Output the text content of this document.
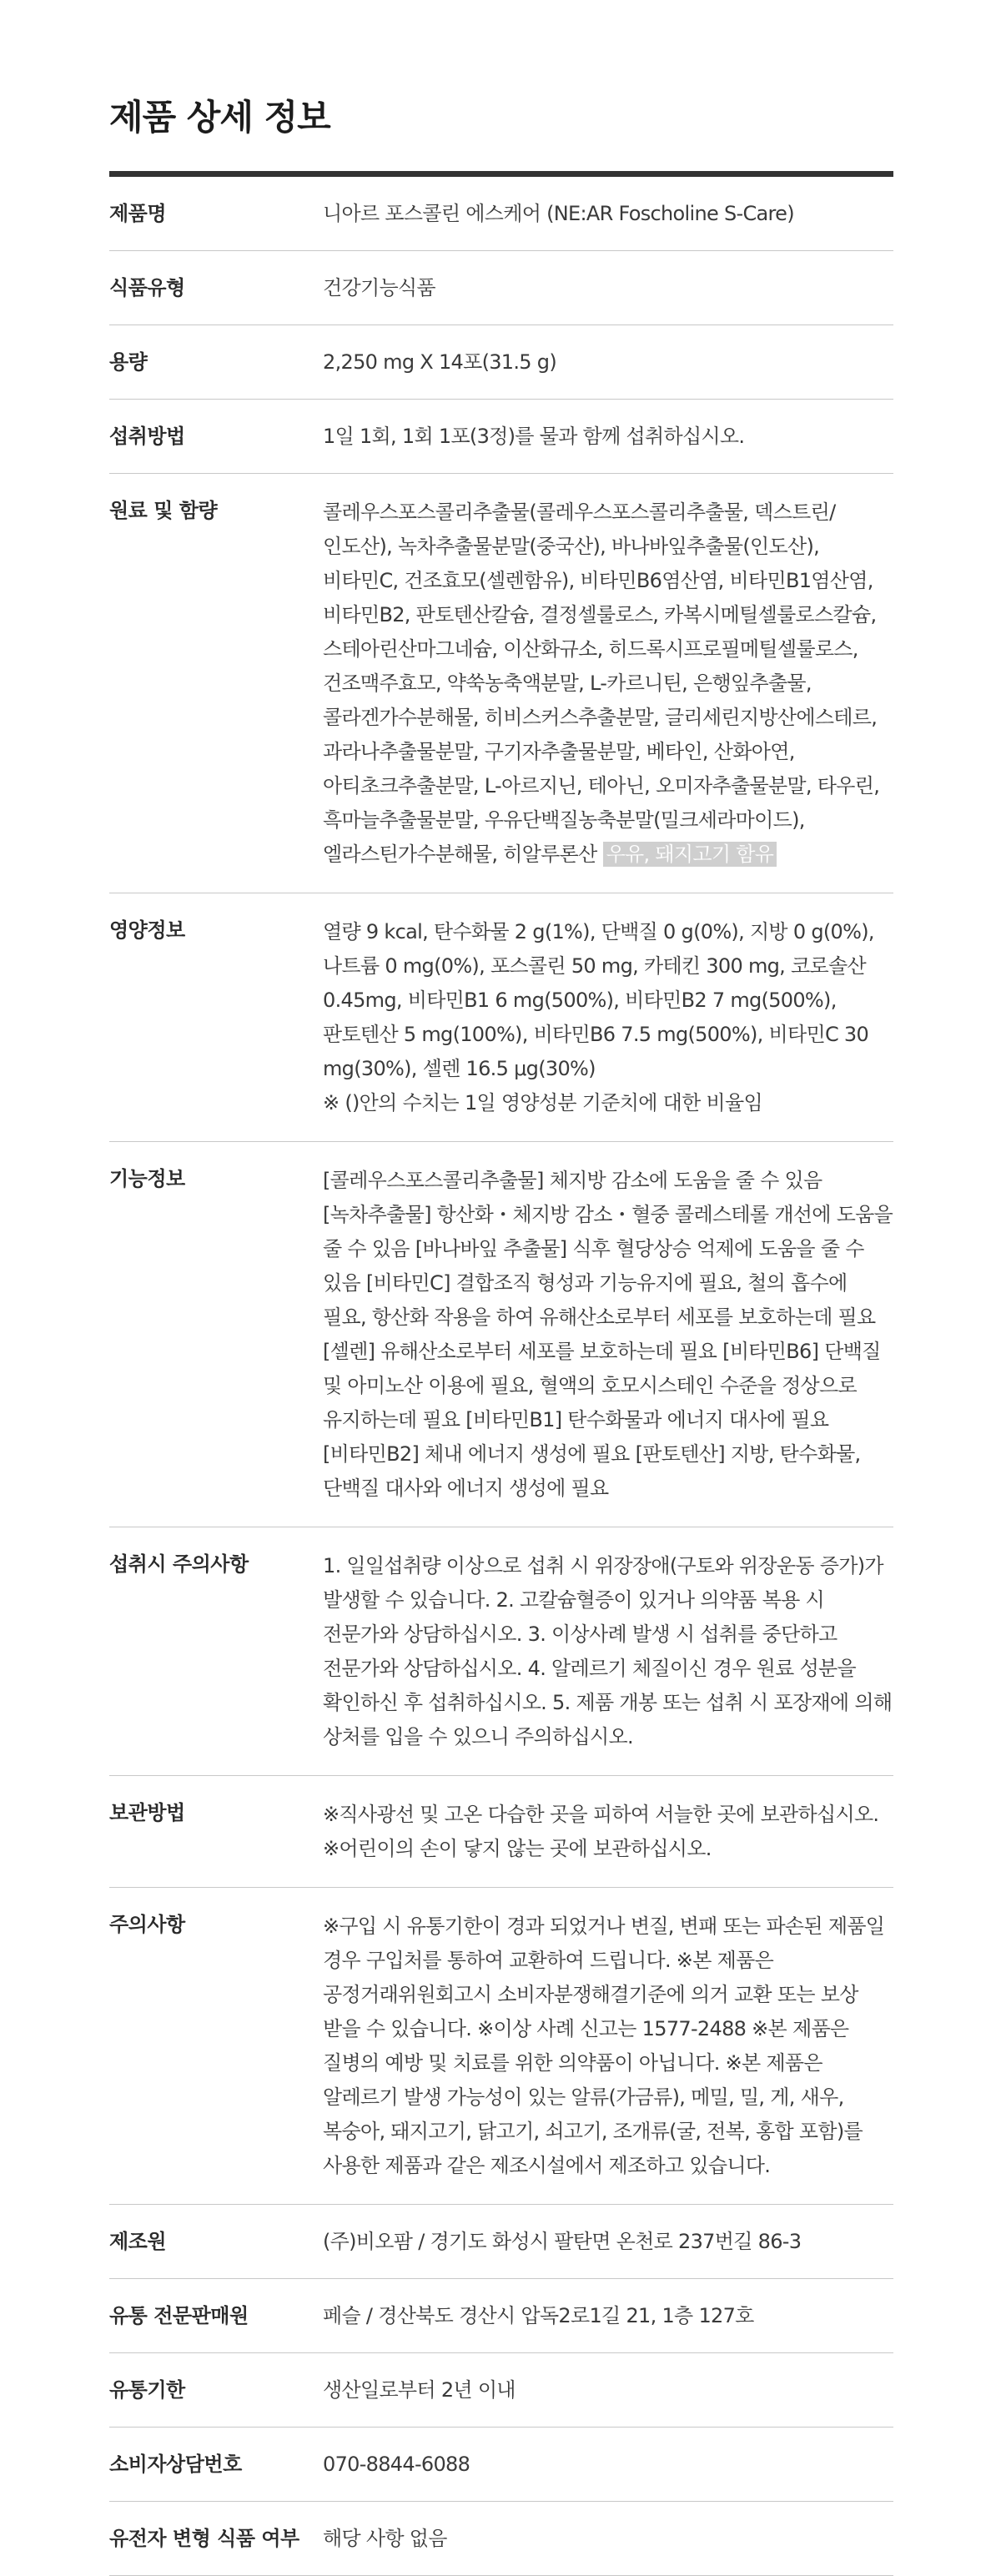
제품 상세 정보
제품명	니아르 포스콜린 에스케어 (NE:AR Foscholine S-Care)
식품유형	건강기능식품
용량	2,250 mg X 14포(31.5 g)
섭취방법	1일 1회, 1회 1포(3정)를 물과 함께 섭취하십시오.
원료 및 함량	콜레우스포스콜리추출물(콜레우스포스콜리추출물, 덱스트린/인도산), 녹차추출물분말(중국산), 바나바잎추출물(인도산), 비타민C, 건조효모(셀렌함유), 비타민B6염산염, 비타민B1염산염, 비타민B2, 판토텐산칼슘, 결정셀룰로스, 카복시메틸셀룰로스칼슘, 스테아린산마그네슘, 이산화규소, 히드록시프로필메틸셀룰로스, 건조맥주효모, 약쑥농축액분말, L-카르니틴, 은행잎추출물, 콜라겐가수분해물, 히비스커스추출분말, 글리세린지방산에스테르, 과라나추출물분말, 구기자추출물분말, 베타인, 산화아연, 아티초크추출분말, L-아르지닌, 테아닌, 오미자추출물분말, 타우린, 흑마늘추출물분말, 우유단백질농축분말(밀크세라마이드), 엘라스틴가수분해물, 히알루론산 우유, 돼지고기 함유
영양정보	열량 9 kcal, 탄수화물 2 g(1%), 단백질 0 g(0%), 지방 0 g(0%), 나트륨 0 mg(0%), 포스콜린 50 mg, 카테킨 300 mg, 코로솔산 0.45mg, 비타민B1 6 mg(500%), 비타민B2 7 mg(500%), 판토텐산 5 mg(100%), 비타민B6 7.5 mg(500%), 비타민C 30 mg(30%), 셀렌 16.5 μg(30%)
※ ()안의 수치는 1일 영양성분 기준치에 대한 비율임
기능정보	[콜레우스포스콜리추출물] 체지방 감소에 도움을 줄 수 있음 [녹차추출물] 항산화・체지방 감소・혈중 콜레스테롤 개선에 도움을 줄 수 있음 [바나바잎 추출물] 식후 혈당상승 억제에 도움을 줄 수 있음 [비타민C] 결합조직 형성과 기능유지에 필요, 철의 흡수에 필요, 항산화 작용을 하여 유해산소로부터 세포를 보호하는데 필요 [셀렌] 유해산소로부터 세포를 보호하는데 필요 [비타민B6] 단백질 및 아미노산 이용에 필요, 혈액의 호모시스테인 수준을 정상으로 유지하는데 필요 [비타민B1] 탄수화물과 에너지 대사에 필요 [비타민B2] 체내 에너지 생성에 필요 [판토텐산] 지방, 탄수화물, 단백질 대사와 에너지 생성에 필요
섭취시 주의사항	1. 일일섭취량 이상으로 섭취 시 위장장애(구토와 위장운동 증가)가 발생할 수 있습니다. 2. 고칼슘혈증이 있거나 의약품 복용 시 전문가와 상담하십시오. 3. 이상사례 발생 시 섭취를 중단하고 전문가와 상담하십시오. 4. 알레르기 체질이신 경우 원료 성분을 확인하신 후 섭취하십시오. 5. 제품 개봉 또는 섭취 시 포장재에 의해 상처를 입을 수 있으니 주의하십시오.
보관방법	※직사광선 및 고온 다습한 곳을 피하여 서늘한 곳에 보관하십시오. ※어린이의 손이 닿지 않는 곳에 보관하십시오.
주의사항	※구입 시 유통기한이 경과 되었거나 변질, 변패 또는 파손된 제품일 경우 구입처를 통하여 교환하여 드립니다. ※본 제품은 공정거래위원회고시 소비자분쟁해결기준에 의거 교환 또는 보상 받을 수 있습니다. ※이상 사례 신고는 1577-2488 ※본 제품은 질병의 예방 및 치료를 위한 의약품이 아닙니다. ※본 제품은 알레르기 발생 가능성이 있는 알류(가금류), 메밀, 밀, 게, 새우, 복숭아, 돼지고기, 닭고기, 쇠고기, 조개류(굴, 전복, 홍합 포함)를 사용한 제품과 같은 제조시설에서 제조하고 있습니다.
제조원	(주)비오팜 / 경기도 화성시 팔탄면 온천로 237번길 86-3
유통 전문판매원	페슬 / 경산북도 경산시 압독2로1길 21, 1층 127호
유통기한	생산일로부터 2년 이내
소비자상담번호	070-8844-6088
유전자 변형 식품 여부	해당 사항 없음
